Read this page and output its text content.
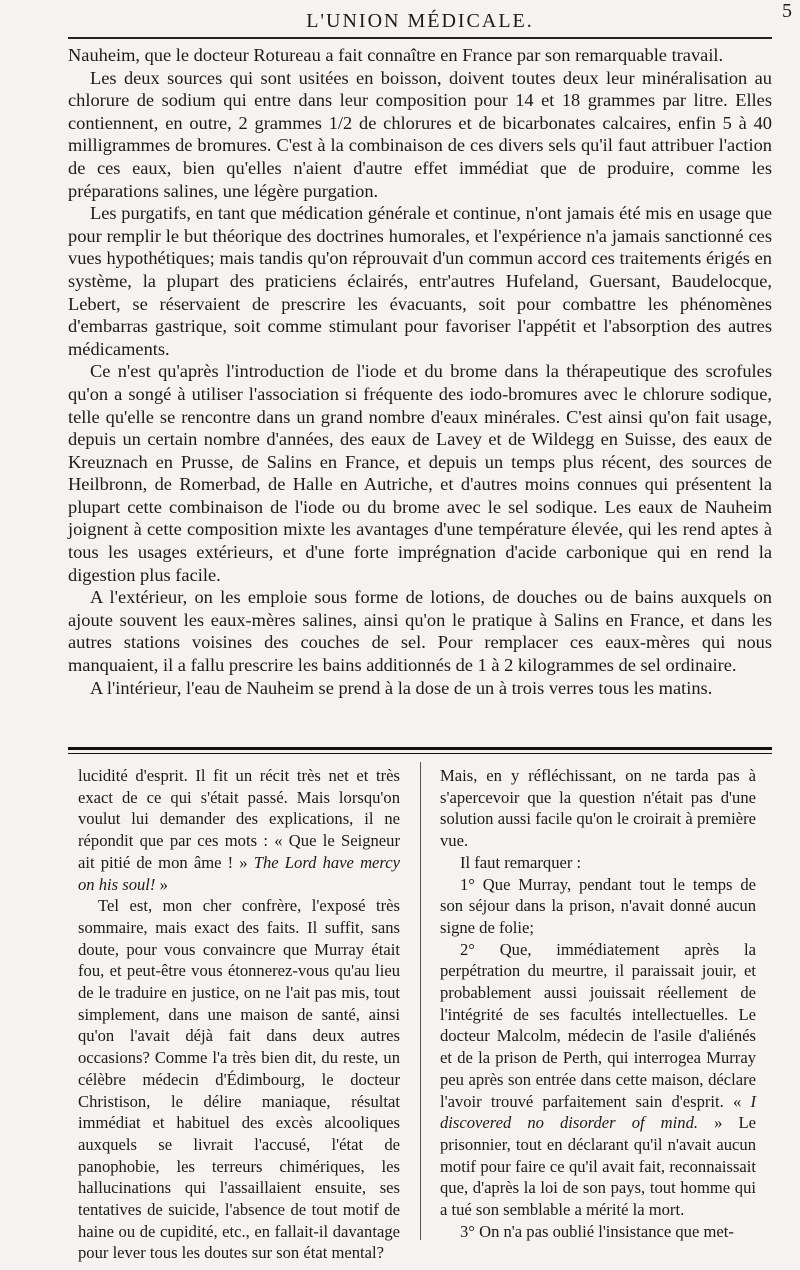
L'UNION MÉDICALE.	5

Nauheim, que le docteur Rotureau a fait connaître en France par son remarquable travail.

Les deux sources qui sont usitées en boisson, doivent toutes deux leur minéralisation au chlorure de sodium qui entre dans leur composition pour 14 et 18 grammes par litre. Elles contiennent, en outre, 2 grammes 1/2 de chlorures et de bicarbonates calcaires, enfin 5 à 40 milligrammes de bromures. C'est à la combinaison de ces divers sels qu'il faut attribuer l'action de ces eaux, bien qu'elles n'aient d'autre effet immédiat que de produire, comme les préparations salines, une légère purgation.

Les purgatifs, en tant que médication générale et continue, n'ont jamais été mis en usage que pour remplir le but théorique des doctrines humorales, et l'expérience n'a jamais sanctionné ces vues hypothétiques; mais tandis qu'on réprouvait d'un commun accord ces traitements érigés en système, la plupart des praticiens éclairés, entr'autres Hufeland, Guersant, Baudelocque, Lebert, se réservaient de prescrire les évacuants, soit pour combattre les phénomènes d'embarras gastrique, soit comme stimulant pour favoriser l'appétit et l'absorption des autres médicaments.

Ce n'est qu'après l'introduction de l'iode et du brome dans la thérapeutique des scrofules qu'on a songé à utiliser l'association si fréquente des iodo-bromures avec le chlorure sodique, telle qu'elle se rencontre dans un grand nombre d'eaux minérales. C'est ainsi qu'on fait usage, depuis un certain nombre d'années, des eaux de Lavey et de Wildegg en Suisse, des eaux de Kreuznach en Prusse, de Salins en France, et depuis un temps plus récent, des sources de Heilbronn, de Romerbad, de Halle en Autriche, et d'autres moins connues qui présentent la plupart cette combinaison de l'iode ou du brome avec le sel sodique. Les eaux de Nauheim joignent à cette composition mixte les avantages d'une température élevée, qui les rend aptes à tous les usages extérieurs, et d'une forte imprégnation d'acide carbonique qui en rend la digestion plus facile.

A l'extérieur, on les emploie sous forme de lotions, de douches ou de bains auxquels on ajoute souvent les eaux-mères salines, ainsi qu'on le pratique à Salins en France, et dans les autres stations voisines des couches de sel. Pour remplacer ces eaux-mères qui nous manquaient, il a fallu prescrire les bains additionnés de 1 à 2 kilogrammes de sel ordinaire.

A l'intérieur, l'eau de Nauheim se prend à la dose de un à trois verres tous les matins.

lucidité d'esprit. Il fit un récit très net et très exact de ce qui s'était passé. Mais lorsqu'on voulut lui demander des explications, il ne répondit que par ces mots : « Que le Seigneur ait pitié de mon âme ! » The Lord have mercy on his soul! »

Tel est, mon cher confrère, l'exposé très sommaire, mais exact des faits. Il suffit, sans doute, pour vous convaincre que Murray était fou, et peut-être vous étonnerez-vous qu'au lieu de le traduire en justice, on ne l'ait pas mis, tout simplement, dans une maison de santé, ainsi qu'on l'avait déjà fait dans deux autres occasions? Comme l'a très bien dit, du reste, un célèbre médecin d'Édimbourg, le docteur Christison, le délire maniaque, résultat immédiat et habituel des excès alcooliques auxquels se livrait l'accusé, l'état de panophobie, les terreurs chimériques, les hallucinations qui l'assaillaient ensuite, ses tentatives de suicide, l'absence de tout motif de haine ou de cupidité, etc., en fallait-il davantage pour lever tous les doutes sur son état mental?

Mais, en y réfléchissant, on ne tarda pas à s'apercevoir que la question n'était pas d'une solution aussi facile qu'on le croirait à première vue.

Il faut remarquer :

1° Que Murray, pendant tout le temps de son séjour dans la prison, n'avait donné aucun signe de folie;

2° Que, immédiatement après la perpétration du meurtre, il paraissait jouir, et probablement aussi jouissait réellement de l'intégrité de ses facultés intellectuelles. Le docteur Malcolm, médecin de l'asile d'aliénés et de la prison de Perth, qui interrogea Murray peu après son entrée dans cette maison, déclare l'avoir trouvé parfaitement sain d'esprit. « I discovered no disorder of mind. » Le prisonnier, tout en déclarant qu'il n'avait aucun motif pour faire ce qu'il avait fait, reconnaissait que, d'après la loi de son pays, tout homme qui a tué son semblable a mérité la mort.

3° On n'a pas oublié l'insistance que met-
